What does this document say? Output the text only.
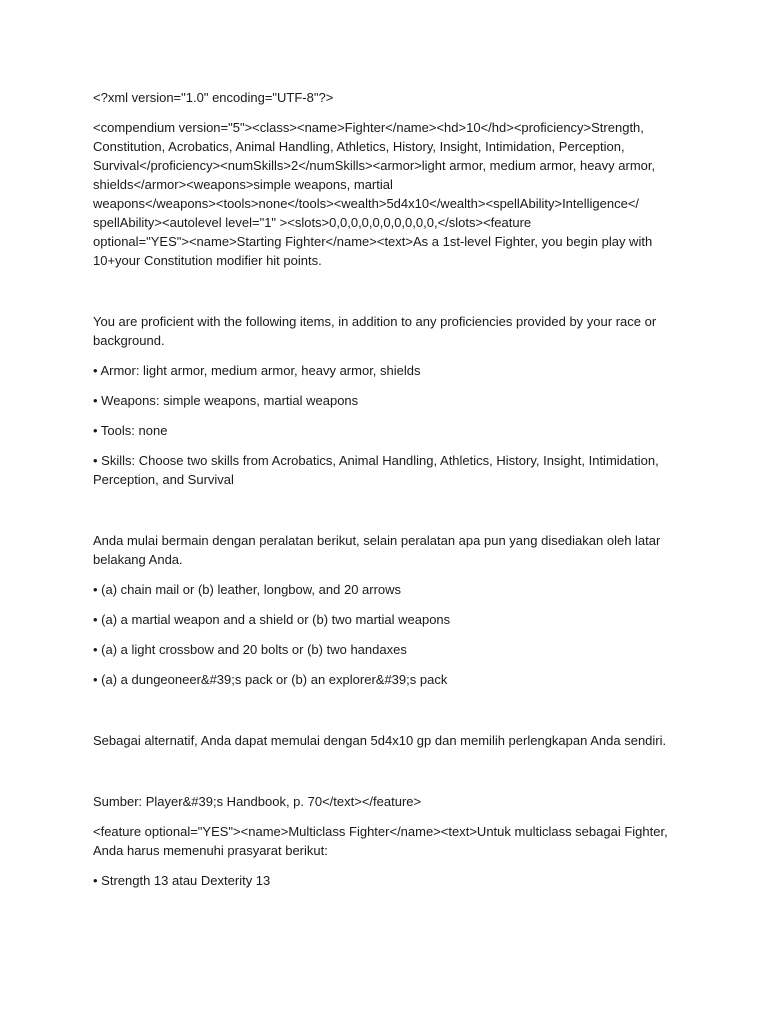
<?xml version="1.0" encoding="UTF-8"?>

<compendium version="5"><class><name>Fighter</name><hd>10</hd><proficiency>Strength,
Constitution, Acrobatics, Animal Handling, Athletics, History, Insight, Intimidation, Perception,
Survival</proficiency><numSkills>2</numSkills><armor>light armor, medium armor, heavy armor,
shields</armor><weapons>simple weapons, martial
weapons</weapons><tools>none</tools><wealth>5d4x10</wealth><spellAbility>Intelligence</
spellAbility><autolevel level="1" ><slots>0,0,0,0,0,0,0,0,0,0,</slots><feature
optional="YES"><name>Starting Fighter</name><text>As a 1st-level Fighter, you begin play with
10+your Constitution modifier hit points.

You are proficient with the following items, in addition to any proficiencies provided by your race or
background.

• Armor: light armor, medium armor, heavy armor, shields

• Weapons: simple weapons, martial weapons

• Tools: none

• Skills: Choose two skills from Acrobatics, Animal Handling, Athletics, History, Insight, Intimidation,
Perception, and Survival

Anda mulai bermain dengan peralatan berikut, selain peralatan apa pun yang disediakan oleh latar
belakang Anda.

• (a) chain mail or (b) leather, longbow, and 20 arrows

• (a) a martial weapon and a shield or (b) two martial weapons

• (a) a light crossbow and 20 bolts or (b) two handaxes

• (a) a dungeoneer&#39;s pack or (b) an explorer&#39;s pack

Sebagai alternatif, Anda dapat memulai dengan 5d4x10 gp dan memilih perlengkapan Anda sendiri.

Sumber: Player&#39;s Handbook, p. 70</text></feature>

<feature optional="YES"><name>Multiclass Fighter</name><text>Untuk multiclass sebagai Fighter,
Anda harus memenuhi prasyarat berikut:

• Strength 13 atau Dexterity 13
